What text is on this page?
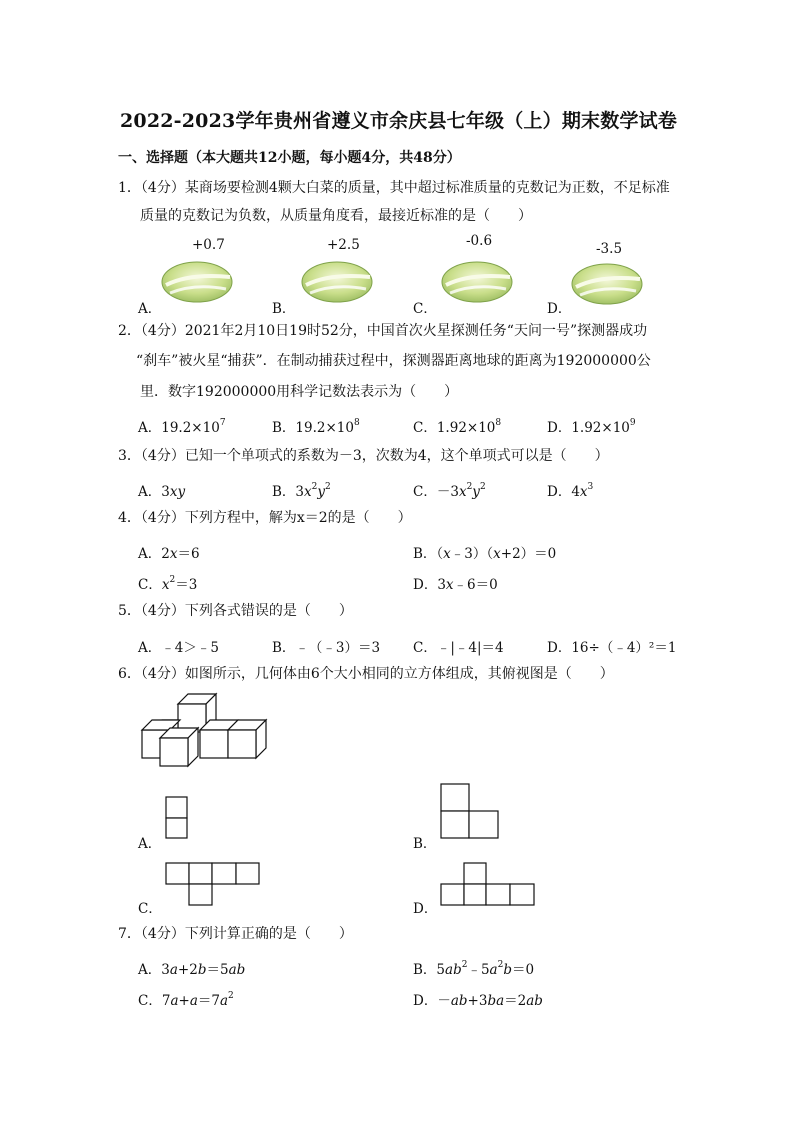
2022-2023学年贵州省遵义市余庆县七年级（上）期末数学试卷
一、选择题（本大题共12小题，每小题4分，共48分）
1．（4分）某商场要检测4颗大白菜的质量，其中超过标准质量的克数记为正数，不足标准
质量的克数记为负数，从质量角度看，最接近标准的是（　　）
+0.7	+2.5	-0.6	-3.5
A．	B．	C．	D．
2．（4分）2021年2月10日19时52分，中国首次火星探测任务“天问一号”探测器成功
“刹车”被火星“捕获”．在制动捕获过程中，探测器距离地球的距离为192000000公
里．数字192000000用科学记数法表示为（　　）
A．$19.2\times 10^7$	B．$19.2\times 10^8$	C．$1.92\times 10^8$	D．$1.92\times 10^9$
3．（4分）已知一个单项式的系数为－3，次数为4，这个单项式可以是（　　）
A．3xy	B．$3x^2y^2$	C．$-3x^2y^2$	D．$4x^3$
4．（4分）下列方程中，解为x＝2的是（　　）
A．2x＝6	B．（x﹣3）（x+2）＝0
C．$x^2=3$	D．3x﹣6＝0
5．（4分）下列各式错误的是（　　）
A．﹣4＞﹣5	B．﹣（﹣3）＝3 C．﹣|﹣4|＝4	D．16÷（﹣4）²＝1
6．（4分）如图所示，几何体由6个大小相同的立方体组成，其俯视图是（　　）
A．	B．
C．	D．
7．（4分）下列计算正确的是（　　）
A．3a+2b＝5ab	B．$5ab^2﹣5a^2b=0$
C．$7a+a=7a^2$	D．－ab+3ba＝2ab
